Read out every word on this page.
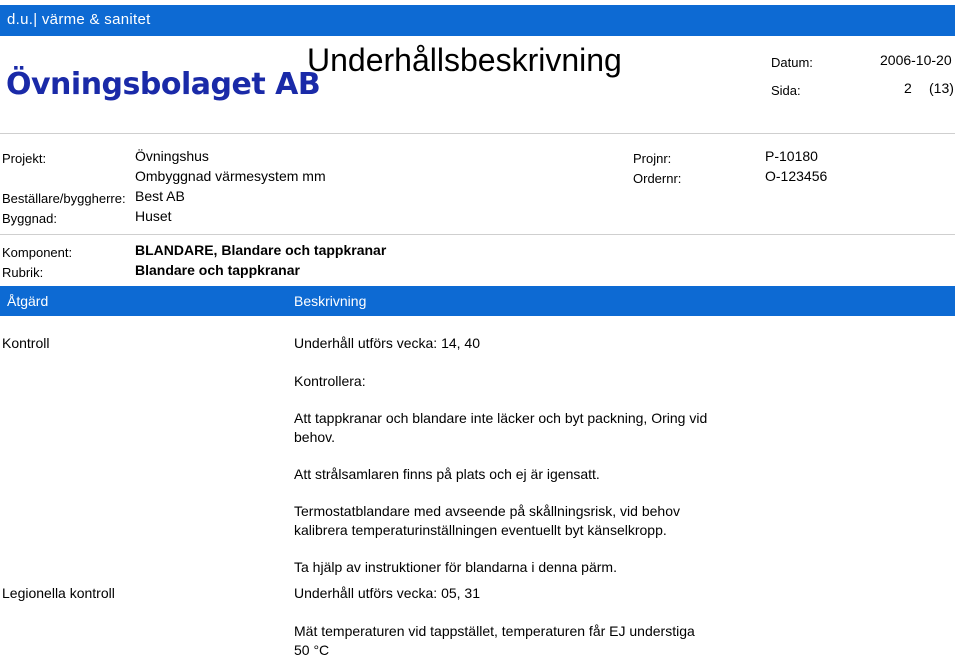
d.u.| värme & sanitet
Underhållsbeskrivning
Övningsbolaget AB
Datum:	2006-10-20
Sida:	2 (13)
Projekt:	Övningshus
Ombyggnad värmesystem mm
Beställare/byggherre: Best AB
Byggnad:	Huset
Projnr:	P-10180
Ordernr:	O-123456
Komponent:	BLANDARE, Blandare och tappkranar
Rubrik:	Blandare och tappkranar
Åtgärd	Beskrivning
Kontroll	Underhåll utförs vecka: 14, 40
Kontrollera:
Att tappkranar och blandare inte läcker och byt packning, Oring vid behov.
Att strålsamlaren finns på plats och ej är igensatt.
Termostatblandare med avseende på skållningsrisk, vid behov kalibrera temperaturinställningen eventuellt byt känselkropp.
Ta hjälp av instruktioner för blandarna i denna pärm.
Legionella kontroll	Underhåll utförs vecka: 05, 31
Mät temperaturen vid tappstället, temperaturen får EJ understiga 50 °C
